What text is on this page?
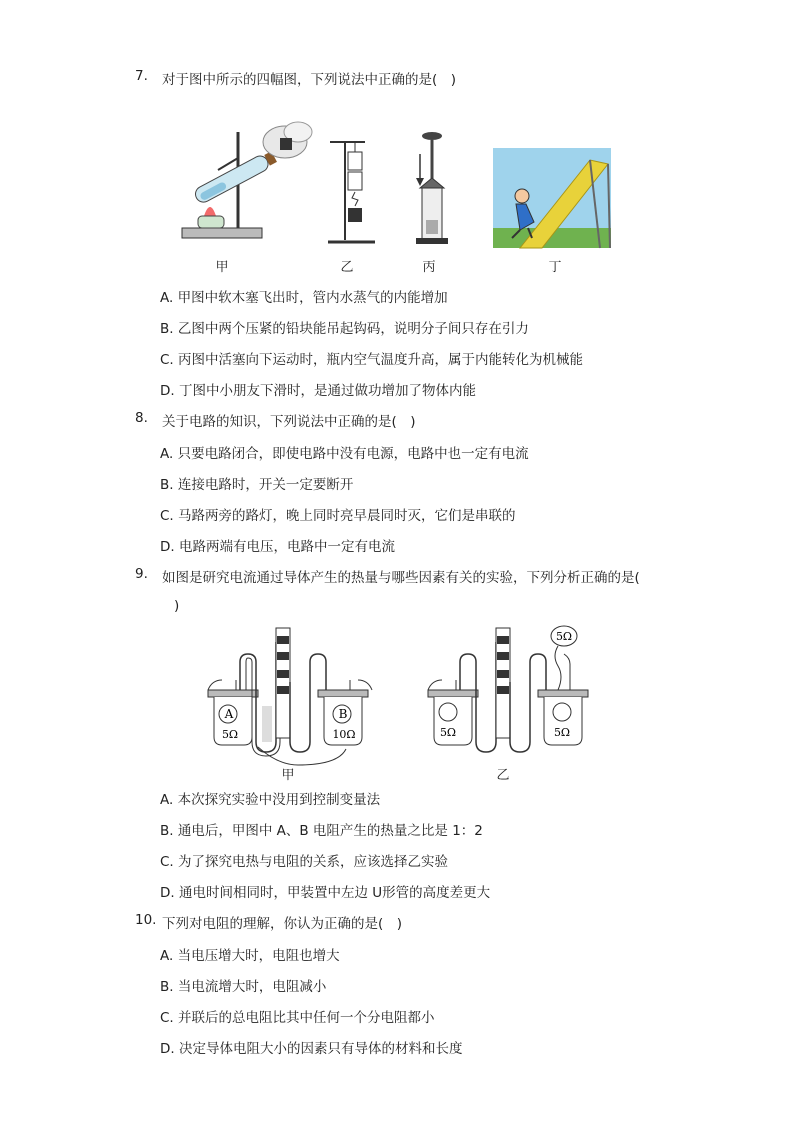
7.	对于图中所示的四幅图，下列说法中正确的是(　)
甲	乙	丙	丁
A. 甲图中软木塞飞出时，管内水蒸气的内能增加
B. 乙图中两个压紧的铅块能吊起钩码，说明分子间只存在引力
C. 丙图中活塞向下运动时，瓶内空气温度升高，属于内能转化为机械能
D. 丁图中小朋友下滑时，是通过做功增加了物体内能
8.	关于电路的知识，下列说法中正确的是(　)
A. 只要电路闭合，即使电路中没有电源，电路中也一定有电流
B. 连接电路时，开关一定要断开
C. 马路两旁的路灯，晚上同时亮早晨同时灭，它们是串联的
D. 电路两端有电压，电路中一定有电流
9.	如图是研究电流通过导体产生的热量与哪些因素有关的实验，下列分析正确的是(
)
A	B
5Ω	10Ω	5Ω	5Ω
5Ω
甲	乙
A. 本次探究实验中没用到控制变量法
B. 通电后，甲图中 A、B 电阻产生的热量之比是 1：2
C. 为了探究电热与电阻的关系，应该选择乙实验
D. 通电时间相同时，甲装置中左边 U形管的高度差更大
10. 下列对电阻的理解，你认为正确的是(　)
A. 当电压增大时，电阻也增大
B. 当电流增大时，电阻减小
C. 并联后的总电阻比其中任何一个分电阻都小
D. 决定导体电阻大小的因素只有导体的材料和长度
